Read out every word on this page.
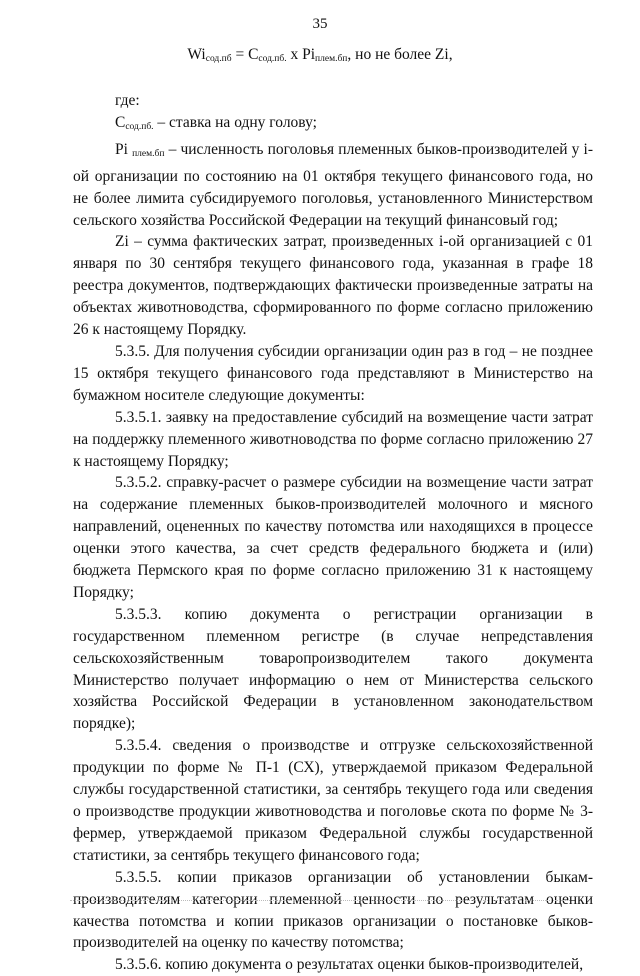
35
$Wi_{сод.пб} = С_{сод.пб.}$ x $Pi_{плем.бп}$, но не более Zi,

где:

$С_{сод.пб.}$ – ставка на одну голову;

Pi $_{плем.бп}$ – численность поголовья племенных быков-производителей у i-ой организации по состоянию на 01 октября текущего финансового года, но не более лимита субсидируемого поголовья, установленного Министерством сельского хозяйства Российской Федерации на текущий финансовый год;

Zi – сумма фактических затрат, произведенных i-ой организацией с 01 января по 30 сентября текущего финансового года, указанная в графе 18 реестра документов, подтверждающих фактически произведенные затраты на объектах животноводства, сформированного по форме согласно приложению 26 к настоящему Порядку.

5.3.5. Для получения субсидии организации один раз в год – не позднее 15 октября текущего финансового года представляют в Министерство на бумажном носителе следующие документы:

5.3.5.1. заявку на предоставление субсидий на возмещение части затрат на поддержку племенного животноводства по форме согласно приложению 27 к настоящему Порядку;

5.3.5.2. справку-расчет о размере субсидии на возмещение части затрат на содержание племенных быков-производителей молочного и мясного направлений, оцененных по качеству потомства или находящихся в процессе оценки этого качества, за счет средств федерального бюджета и (или) бюджета Пермского края по форме согласно приложению 31 к настоящему Порядку;

5.3.5.3. копию документа о регистрации организации в государственном племенном регистре (в случае непредставления сельскохозяйственным товаропроизводителем такого документа Министерство получает информацию о нем от Министерства сельского хозяйства Российской Федерации в установленном законодательством порядке);

5.3.5.4. сведения о производстве и отгрузке сельскохозяйственной продукции по форме № П-1 (СХ), утверждаемой приказом Федеральной службы государственной статистики, за сентябрь текущего года или сведения о производстве продукции животноводства и поголовье скота по форме № 3-фермер, утверждаемой приказом Федеральной службы государственной статистики, за сентябрь текущего финансового года;

5.3.5.5. копии приказов организации об установлении быкам-производителям категории племенной ценности по результатам оценки качества потомства и копии приказов организации о постановке быков-производителей на оценку по качеству потомства;

5.3.5.6. копию документа о результатах оценки быков-производителей,
